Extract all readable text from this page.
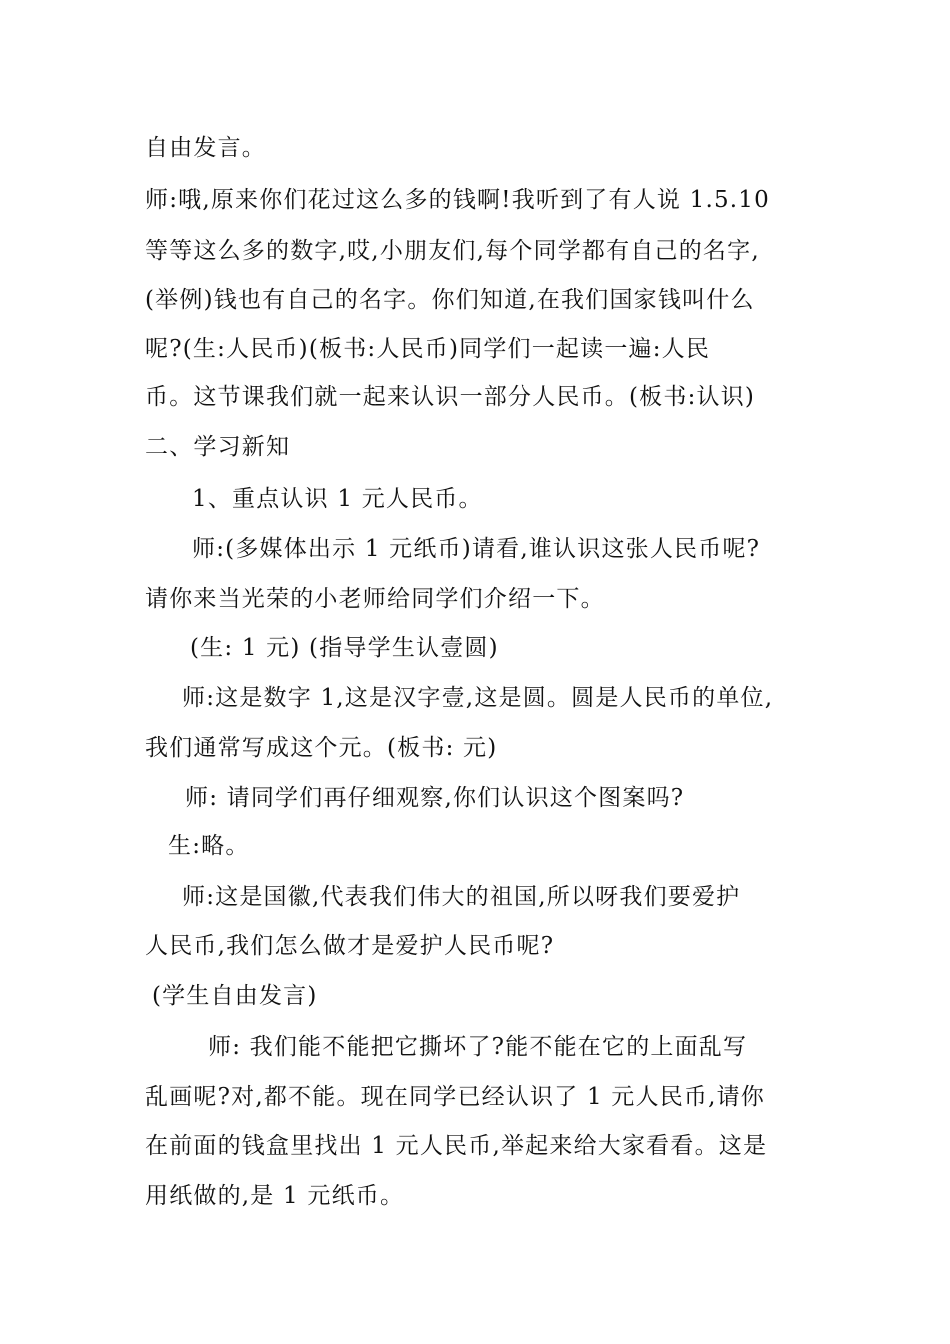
自由发言。
师:哦,原来你们花过这么多的钱啊!我听到了有人说 1.5.10
等等这么多的数字,哎,小朋友们,每个同学都有自己的名字,
(举例)钱也有自己的名字。你们知道,在我们国家钱叫什么
呢?(生:人民币)(板书:人民币)同学们一起读一遍:人民
币。这节课我们就一起来认识一部分人民币。(板书:认识)
二、学习新知
1、重点认识 1 元人民币。
师:(多媒体出示 1 元纸币)请看,谁认识这张人民币呢?
请你来当光荣的小老师给同学们介绍一下。
(生: 1 元) (指导学生认壹圆)
师:这是数字 1,这是汉字壹,这是圆。圆是人民币的单位,
我们通常写成这个元。(板书: 元)
师: 请同学们再仔细观察,你们认识这个图案吗?
生:略。
师:这是国徽,代表我们伟大的祖国,所以呀我们要爱护
人民币,我们怎么做才是爱护人民币呢?
(学生自由发言)
师: 我们能不能把它撕坏了?能不能在它的上面乱写
乱画呢?对,都不能。现在同学已经认识了 1 元人民币,请你
在前面的钱盒里找出 1 元人民币,举起来给大家看看。这是
用纸做的,是 1 元纸币。
